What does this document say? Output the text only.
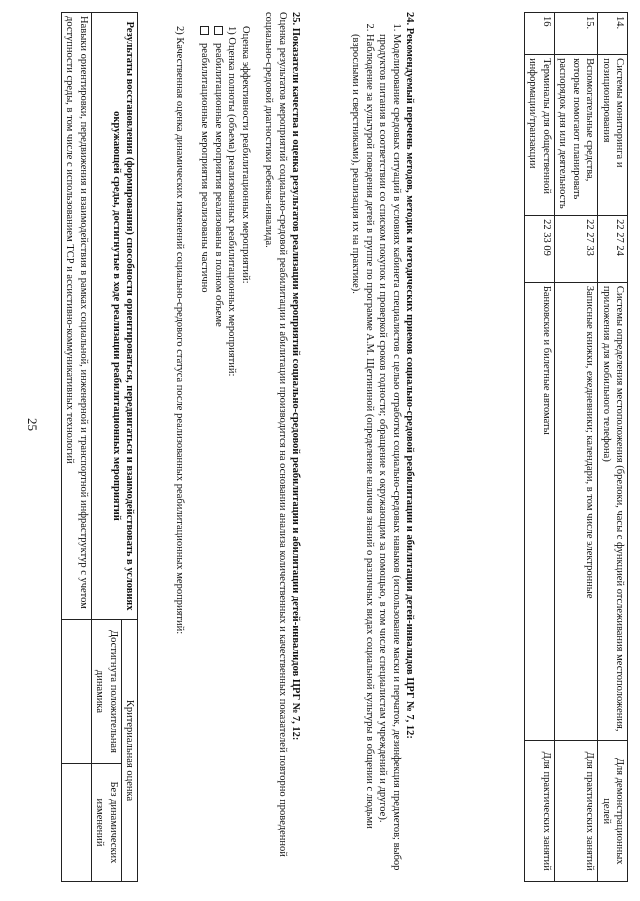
25
14.	Системы мониторинга и позиционирования	22 27 24	Системы определения местоположения (брелоки, часы с функцией отслеживания местоположения, приложения для мобильного телефона)	Для демонстрационных целей
15.	Вспомогательные средства, которые помогают планировать распорядок дня или деятельность	22 27 33	Записные книжки, ежедневники; календари, в том числе электронные	Для практических занятий
16	Терминалы для общественной информации/транзакции	22 33 09	Банковские и билетные автоматы	Для практических занятий
24. Рекомендуемый перечень методов, методик и методических приемов социально-средовой реабилитации и абилитации детей-инвалидов ЦРГ № 7, 12:
1. Моделирование средовых ситуаций в условиях кабинета специалистов с целью отработки социально-средовых навыков (использование маски и перчаток, дезинфекция предметов; выбор продуктов питания в соответствии со списком покупок и проверкой сроков годности; обращение к окружающим за помощью, в том числе специалистам учреждений и другое).
2. Наблюдение за культурой поведения детей в группе по программе А.М. Щетининой (определение наличия знаний о различных видах социальной культуры в общении с людьми (взрослыми и сверстниками), реализация их на практике).
25. Показатели качества и оценка результатов реализации мероприятий социально-средовой реабилитации и абилитации детей-инвалидов ЦРГ № 7, 12:

Оценка результатов мероприятий социально-средовой реабилитации и абилитации производится на основании анализа количественных и качественных показателей повторно проведенной социально-средовой диагностики ребенка-инвалида.

Оценка эффективности реабилитационных мероприятий:

1) Оценка полноты (объема) реализованных реабилитационных мероприятий:

реабилитационные мероприятия реализованы в полном объеме

реабилитационные мероприятия реализованы частично

2) Качественная оценка динамических изменений социально-средового статуса после реализованных реабилитационных мероприятий:

Результаты восстановления (формирования) способности ориентироваться, передвигаться и взаимодействовать в условиях окружающей среды, достигнутые в ходе реализации реабилитационных мероприятий	Критериальная оценка	
	Достигнута положительная динамика	Без динамических изменений
Навыки ориентировки, передвижения и взаимодействия в рамках социальной, инженерной и транспортной инфраструктур с учетом доступности среды, в том числе с использованием ТСР и ассистивно-коммуникативных технологий		
